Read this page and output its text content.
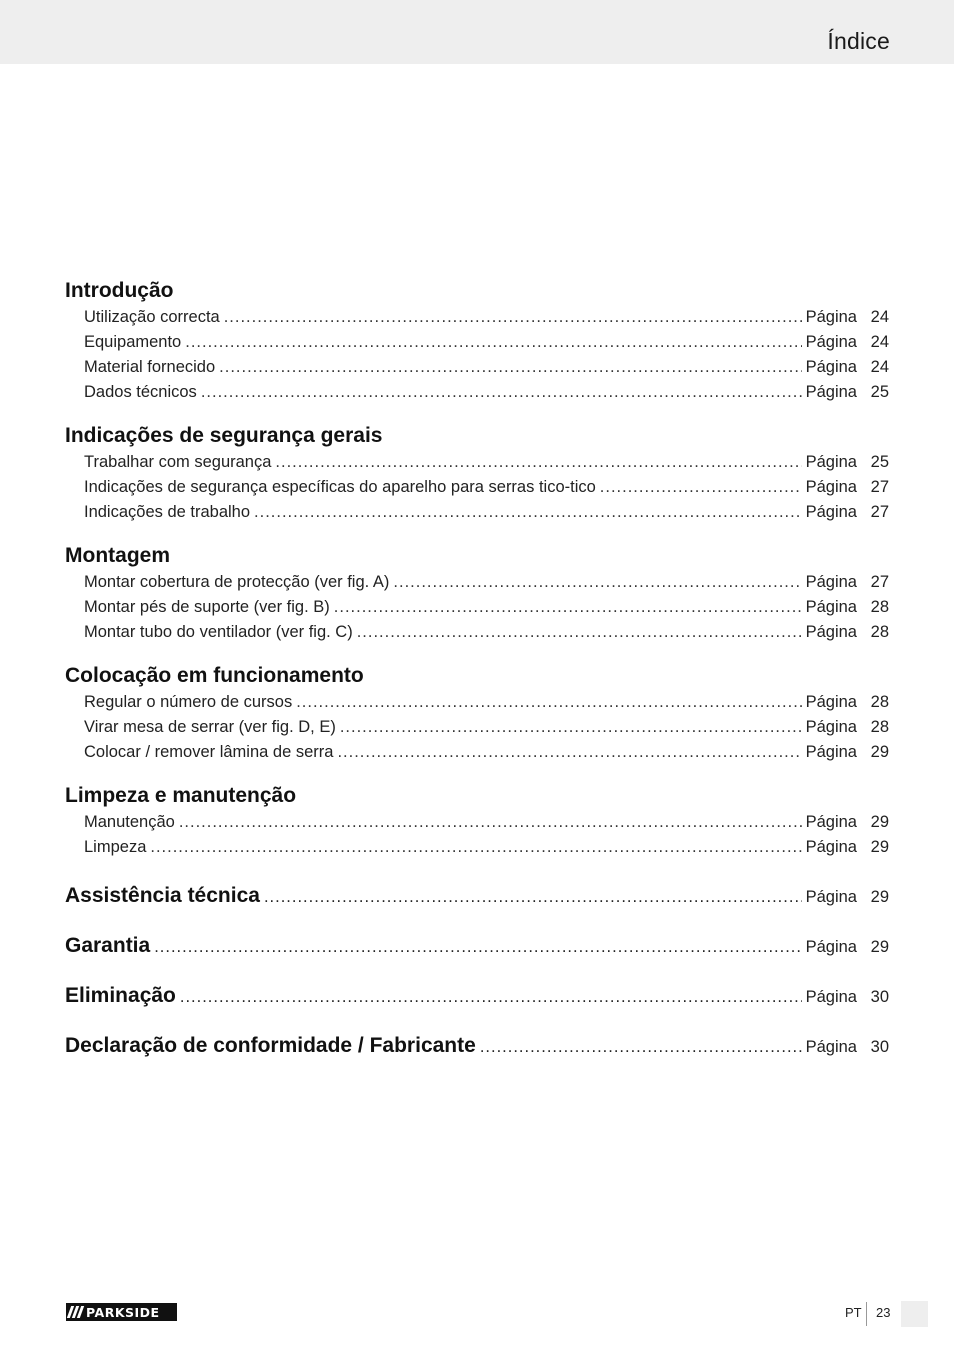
Índice
Introdução
Utilização correcta .....	Página 24
Equipamento .....	Página 24
Material fornecido .....	Página 24
Dados técnicos .....	Página 25
Indicações de segurança gerais
Trabalhar com segurança .....	Página 25
Indicações de segurança específicas do aparelho para serras tico-tico .....	Página 27
Indicações de trabalho .....	Página 27
Montagem
Montar cobertura de protecção (ver fig. A) .....	Página 27
Montar pés de suporte (ver fig. B) .....	Página 28
Montar tubo do ventilador (ver fig. C) .....	Página 28
Colocação em funcionamento
Regular o número de cursos .....	Página 28
Virar mesa de serrar (ver fig. D, E) .....	Página 28
Colocar / remover lâmina de serra .....	Página 29
Limpeza e manutenção
Manutenção .....	Página 29
Limpeza .....	Página 29
Assistência técnica .....	Página 29
Garantia .....	Página 29
Eliminação .....	Página 30
Declaração de conformidade / Fabricante .....	Página 30
PARKSIDE	PT 23
